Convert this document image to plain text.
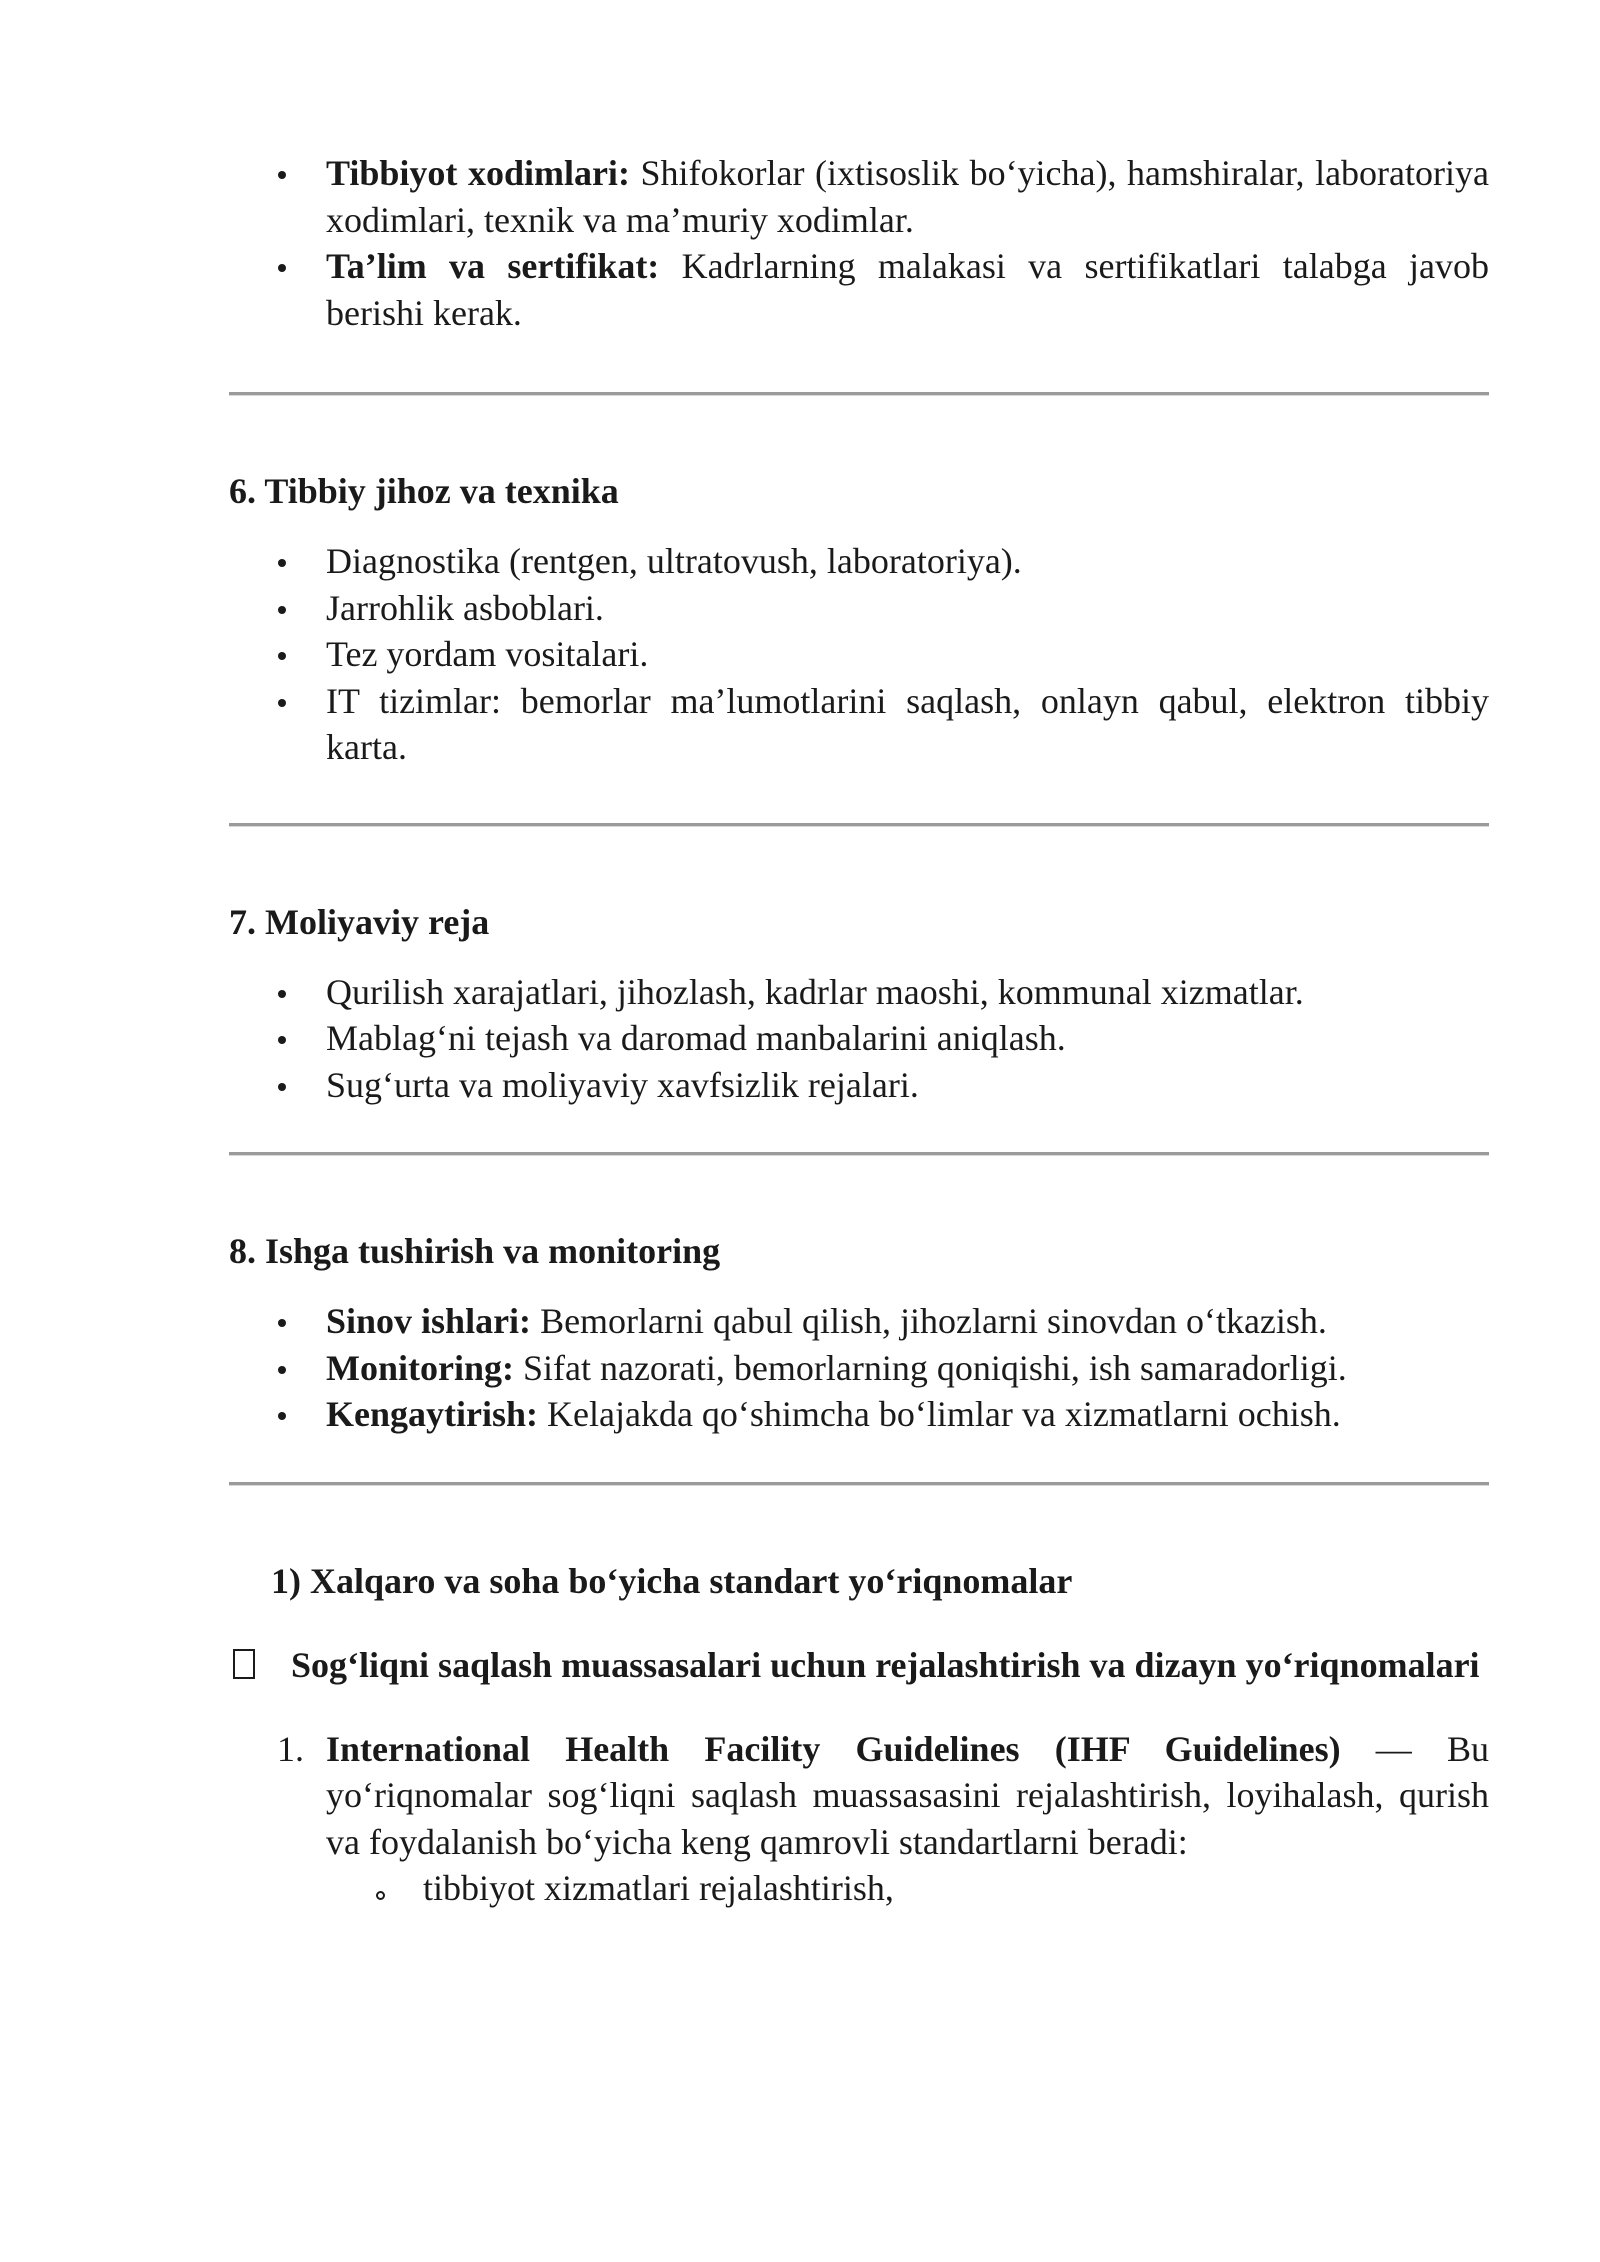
Tibbiyot xodimlari: Shifokorlar (ixtisoslik bo‘yicha), hamshiralar, laboratoriya xodimlari, texnik va ma’muriy xodimlar.
Ta’lim va sertifikat: Kadrlarning malakasi va sertifikatlari talabga javob berishi kerak.
6. Tibbiy jihoz va texnika
Diagnostika (rentgen, ultratovush, laboratoriya).
Jarrohlik asboblari.
Tez yordam vositalari.
IT tizimlar: bemorlar ma’lumotlarini saqlash, onlayn qabul, elektron tibbiy karta.
7. Moliyaviy reja
Qurilish xarajatlari, jihozlash, kadrlar maoshi, kommunal xizmatlar.
Mablag‘ni tejash va daromad manbalarini aniqlash.
Sug‘urta va moliyaviy xavfsizlik rejalari.
8. Ishga tushirish va monitoring
Sinov ishlari: Bemorlarni qabul qilish, jihozlarni sinovdan o‘tkazish.
Monitoring: Sifat nazorati, bemorlarning qoniqishi, ish samaradorligi.
Kengaytirish: Kelajakda qo‘shimcha bo‘limlar va xizmatlarni ochish.

1) Xalqaro va soha bo‘yicha standart yo‘riqnomalar

Sog‘liqni saqlash muassasalari uchun rejalashtirish va dizayn yo‘riqnomalari

1. International Health Facility Guidelines (IHF Guidelines) — Bu yo‘riqnomalar sog‘liqni saqlash muassasasini rejalashtirish, loyihalash, qurish va foydalanish bo‘yicha keng qamrovli standartlarni beradi:
tibbiyot xizmatlari rejalashtirish,
